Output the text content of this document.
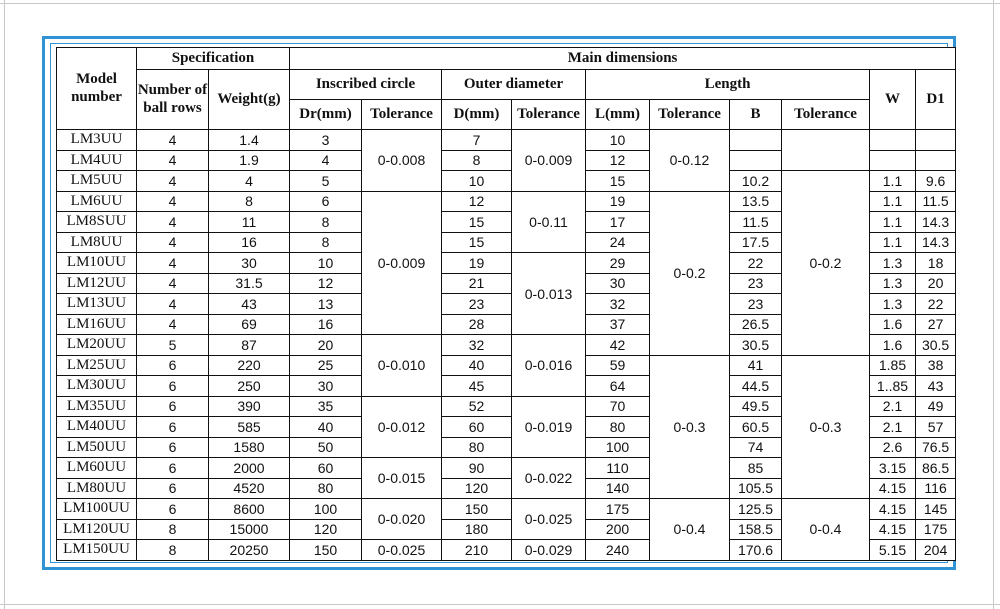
Model number	Specification		Main dimensions									
	Number of ball rows	Weight(g)	Inscribed circle		Outer diameter		Length				W	D1
			Dr(mm)	Tolerance	D(mm)	Tolerance	L(mm)	Tolerance	B	Tolerance		
LM3UU	4	1.4	3	0-0.008	7	0-0.009	10	0-0.12				
LM4UU	4	1.9	4		8		12					
LM5UU	4	4	5		10		15		10.2	0-0.2	1.1	9.6
LM6UU	4	8	6	0-0.009	12	0-0.11	19	0-0.2	13.5		1.1	11.5
LM8SUU	4	11	8		15		17		11.5		1.1	14.3
LM8UU	4	16	8		15		24		17.5		1.1	14.3
LM10UU	4	30	10		19	0-0.013	29		22		1.3	18
LM12UU	4	31.5	12		21		30		23		1.3	20
LM13UU	4	43	13		23		32		23		1.3	22
LM16UU	4	69	16		28		37		26.5		1.6	27
LM20UU	5	87	20	0-0.010	32	0-0.016	42		30.5		1.6	30.5
LM25UU	6	220	25		40		59	0-0.3	41	0-0.3	1.85	38
LM30UU	6	250	30		45		64		44.5		1..85	43
LM35UU	6	390	35	0-0.012	52	0-0.019	70		49.5		2.1	49
LM40UU	6	585	40		60		80		60.5		2.1	57
LM50UU	6	1580	50		80		100		74		2.6	76.5
LM60UU	6	2000	60	0-0.015	90	0-0.022	110		85		3.15	86.5
LM80UU	6	4520	80		120		140		105.5		4.15	116
LM100UU	6	8600	100	0-0.020	150	0-0.025	175	0-0.4	125.5	0-0.4	4.15	145
LM120UU	8	15000	120		180		200		158.5		4.15	175
LM150UU	8	20250	150	0-0.025	210	0-0.029	240		170.6		5.15	204
